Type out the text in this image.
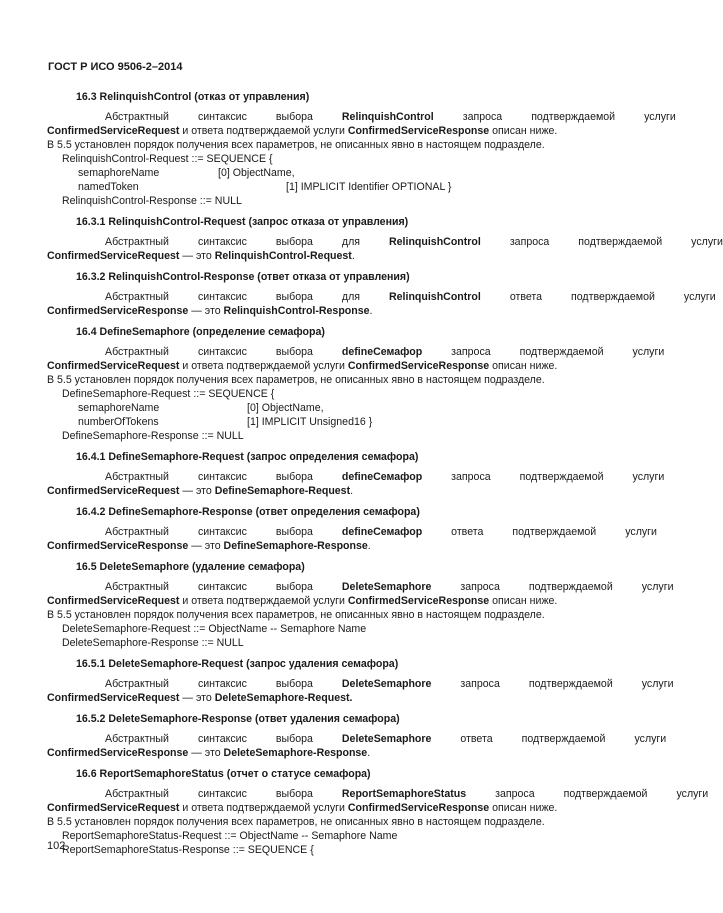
ГОСТ Р ИСО 9506-2–2014
16.3 RelinquishControl (отказ от управления)
Абстрактный	синтаксис	выбора	RelinquishControl	запроса	подтверждаемой	услуги
ConfirmedServiceRequest и ответа подтверждаемой услуги ConfirmedServiceResponse описан ниже.
В 5.5 установлен порядок получения всех параметров, не описанных явно в настоящем подразделе.
RelinquishControl-Request ::= SEQUENCE {
semaphoreName	[0] ObjectName,
namedToken	[1] IMPLICIT Identifier OPTIONAL }
RelinquishControl-Response ::= NULL
16.3.1 RelinquishControl-Request (запрос отказа от управления)
Абстрактный	синтаксис	выбора	для	RelinquishControl	запроса	подтверждаемой	услуги
ConfirmedServiceRequest — это RelinquishControl-Request.
16.3.2 RelinquishControl-Response (ответ отказа от управления)
Абстрактный	синтаксис	выбора	для	RelinquishControl	ответа	подтверждаемой	услуги
ConfirmedServiceResponse — это RelinquishControl-Response.
16.4 DefineSemaphore (определение семафора)
Абстрактный	синтаксис	выбора	defineСемафор	запроса	подтверждаемой	услуги
ConfirmedServiceRequest и ответа подтверждаемой услуги ConfirmedServiceResponse описан ниже.
В 5.5 установлен порядок получения всех параметров, не описанных явно в настоящем подразделе.
DefineSemaphore-Request ::= SEQUENCE {
semaphoreName	[0] ObjectName,
numberOfTokens	[1] IMPLICIT Unsigned16 }
DefineSemaphore-Response ::= NULL
16.4.1 DefineSemaphore-Request (запрос определения семафора)
Абстрактный	синтаксис	выбора	defineСемафор	запроса	подтверждаемой	услуги
ConfirmedServiceRequest — это DefineSemaphore-Request.
16.4.2 DefineSemaphore-Response (ответ определения семафора)
Абстрактный	синтаксис	выбора	defineСемафор	ответа	подтверждаемой	услуги
ConfirmedServiceResponse — это DefineSemaphore-Response.
16.5 DeleteSemaphore (удаление семафора)
Абстрактный	синтаксис	выбора	DeleteSemaphore	запроса	подтверждаемой	услуги
ConfirmedServiceRequest и ответа подтверждаемой услуги ConfirmedServiceResponse описан ниже.
В 5.5 установлен порядок получения всех параметров, не описанных явно в настоящем подразделе.
DeleteSemaphore-Request ::= ObjectName -- Semaphore Name
DeleteSemaphore-Response ::= NULL
16.5.1 DeleteSemaphore-Request (запрос удаления семафора)
Абстрактный	синтаксис	выбора	DeleteSemaphore	запроса	подтверждаемой	услуги
ConfirmedServiceRequest — это DeleteSemaphore-Request.
16.5.2 DeleteSemaphore-Response (ответ удаления семафора)
Абстрактный	синтаксис	выбора	DeleteSemaphore	ответа	подтверждаемой	услуги
ConfirmedServiceResponse — это DeleteSemaphore-Response.
16.6 ReportSemaphoreStatus (отчет о статусе семафора)
Абстрактный	синтаксис	выбора	ReportSemaphoreStatus	запроса	подтверждаемой	услуги
ConfirmedServiceRequest и ответа подтверждаемой услуги ConfirmedServiceResponse описан ниже.
В 5.5 установлен порядок получения всех параметров, не описанных явно в настоящем подразделе.
ReportSemaphoreStatus-Request ::= ObjectName -- Semaphore Name
ReportSemaphoreStatus-Response ::= SEQUENCE {
102
